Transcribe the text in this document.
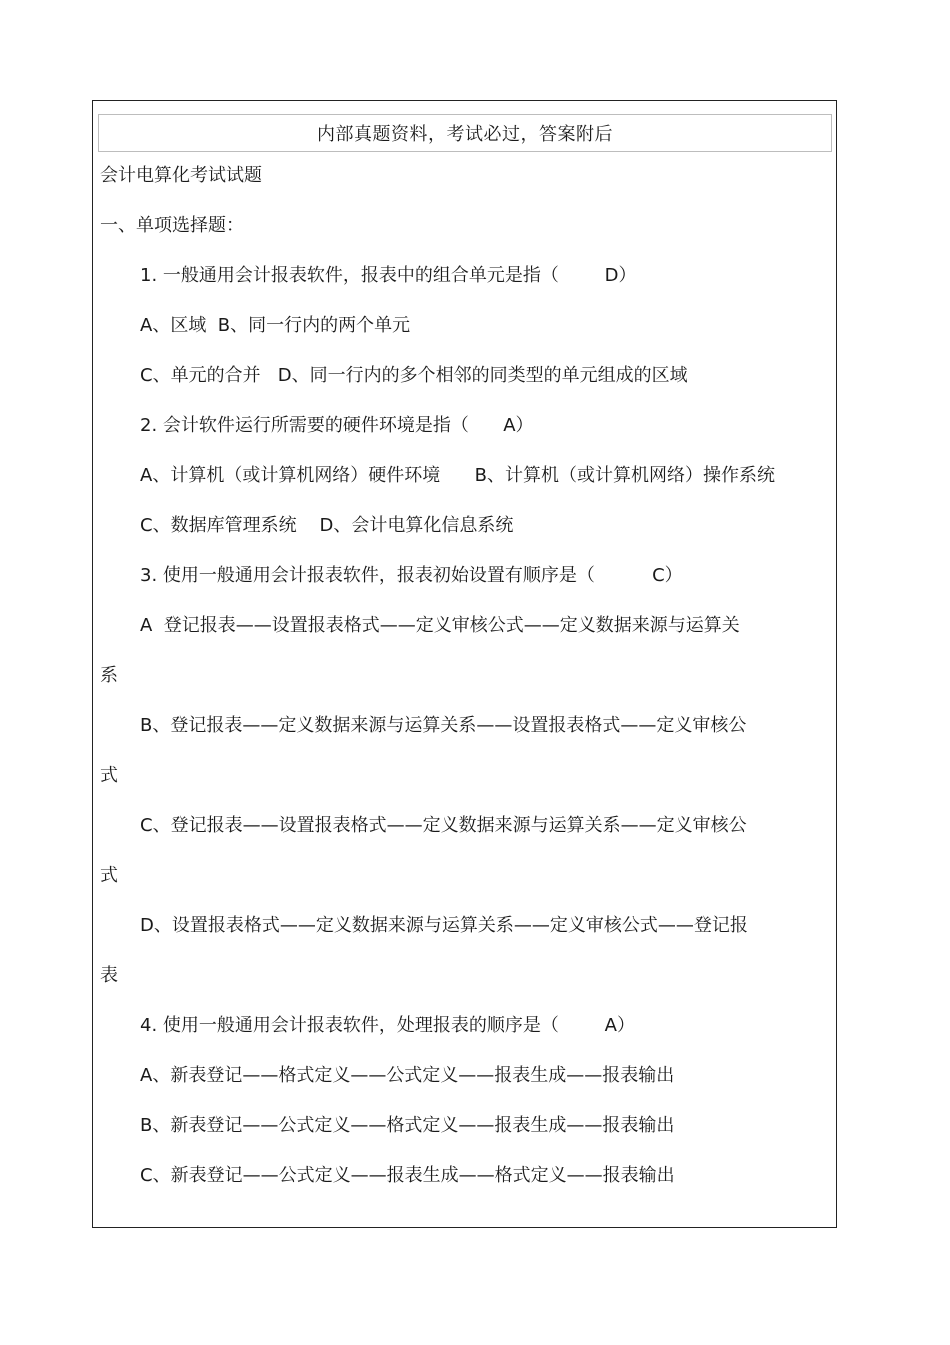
内部真题资料，考试必过，答案附后
会计电算化考试试题
一、单项选择题：
1. 一般通用会计报表软件，报表中的组合单元是指（        D）
A、区域  B、同一行内的两个单元
C、单元的合并   D、同一行内的多个相邻的同类型的单元组成的区域
2. 会计软件运行所需要的硬件环境是指（      A）
A、计算机（或计算机网络）硬件环境      B、计算机（或计算机网络）操作系统
C、数据库管理系统    D、会计电算化信息系统
3. 使用一般通用会计报表软件，报表初始设置有顺序是（          C）
A  登记报表——设置报表格式——定义审核公式——定义数据来源与运算关
系
B、登记报表——定义数据来源与运算关系——设置报表格式——定义审核公
式
C、登记报表——设置报表格式——定义数据来源与运算关系——定义审核公
式
D、设置报表格式——定义数据来源与运算关系——定义审核公式——登记报
表
4. 使用一般通用会计报表软件，处理报表的顺序是（        A）
A、新表登记——格式定义——公式定义——报表生成——报表输出
B、新表登记——公式定义——格式定义——报表生成——报表输出
C、新表登记——公式定义——报表生成——格式定义——报表输出
